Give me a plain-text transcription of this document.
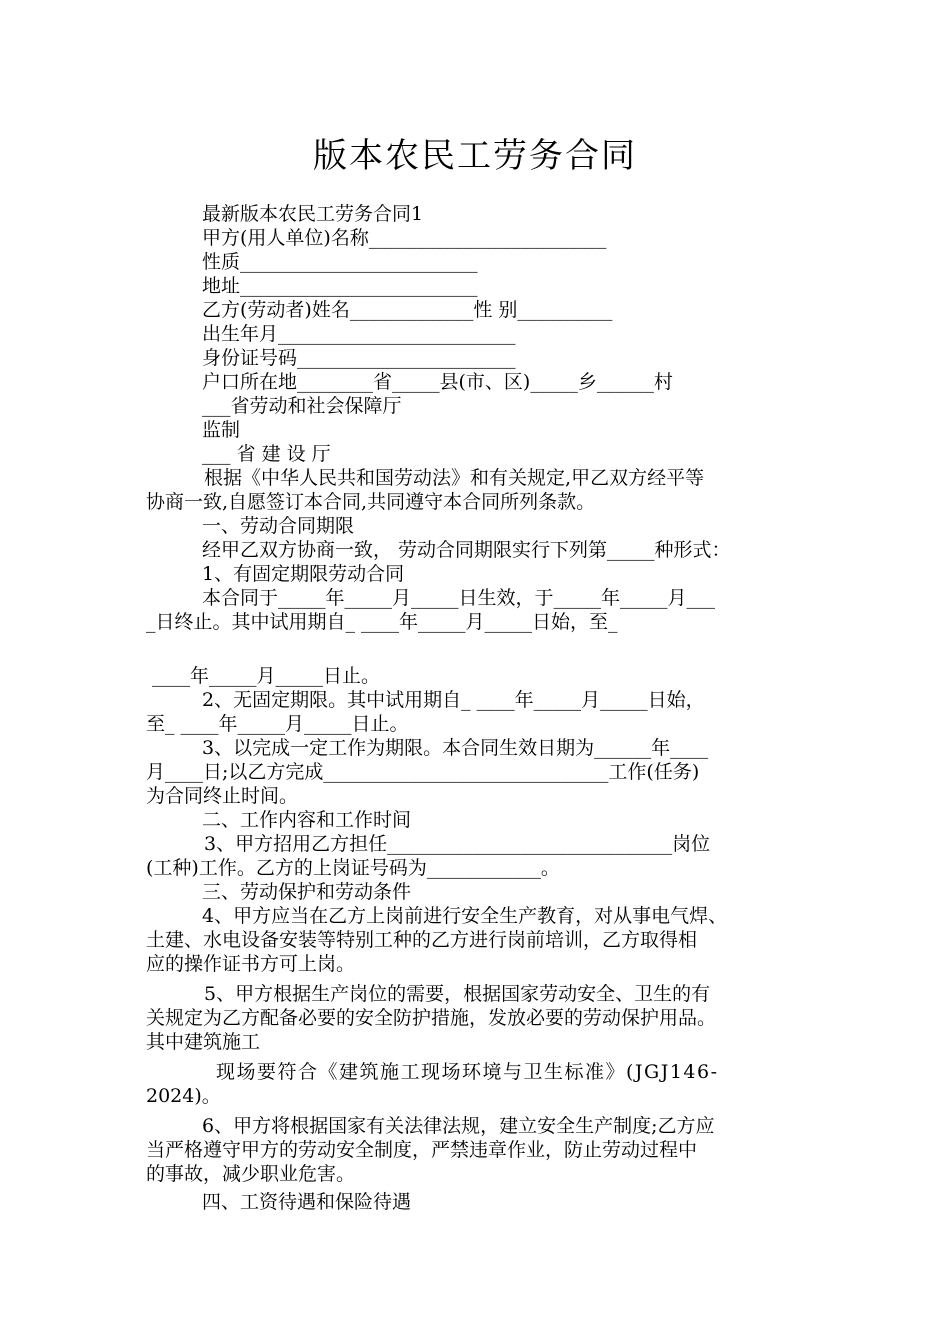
版本农民工劳务合同
最新版本农民工劳务合同1
甲方(用人单位)名称_________________________
性质_________________________
地址_________________________
乙方(劳动者)姓名_____________性 别__________
出生年月_________________________
身份证号码_______________________
户口所在地________省_____县(市、区)_____乡______村
___省劳动和社会保障厅
监制
___ 省 建 设 厅
根据《中华人民共和国劳动法》和有关规定,甲乙双方经平等
协商一致,自愿签订本合同,共同遵守本合同所列条款。
一、劳动合同期限
经甲乙双方协商一致， 劳动合同期限实行下列第_____种形式：
1、有固定期限劳动合同
本合同于_____年_____月_____日生效，于_____年_____月___
_日终止。其中试用期自_ ____年_____月_____日始，至_
____年_____月_____日止。
2、无固定期限。其中试用期自_ ____年_____月_____日始，
至_ ____年_____月_____日止。
3、以完成一定工作为期限。本合同生效日期为______年____
月____日;以乙方完成______________________________工作(任务)
为合同终止时间。
二、工作内容和工作时间
3、甲方招用乙方担任______________________________岗位
(工种)工作。乙方的上岗证号码为____________。
三、劳动保护和劳动条件
4、甲方应当在乙方上岗前进行安全生产教育，对从事电气焊、
土建、水电设备安装等特别工种的乙方进行岗前培训，乙方取得相
应的操作证书方可上岗。
5、甲方根据生产岗位的需要，根据国家劳动安全、卫生的有
关规定为乙方配备必要的安全防护措施，发放必要的劳动保护用品。
其中建筑施工
现场要符合《建筑施工现场环境与卫生标准》(JGJ146-
2024)。
6、甲方将根据国家有关法律法规，建立安全生产制度;乙方应
当严格遵守甲方的劳动安全制度，严禁违章作业，防止劳动过程中
的事故，减少职业危害。
四、工资待遇和保险待遇
